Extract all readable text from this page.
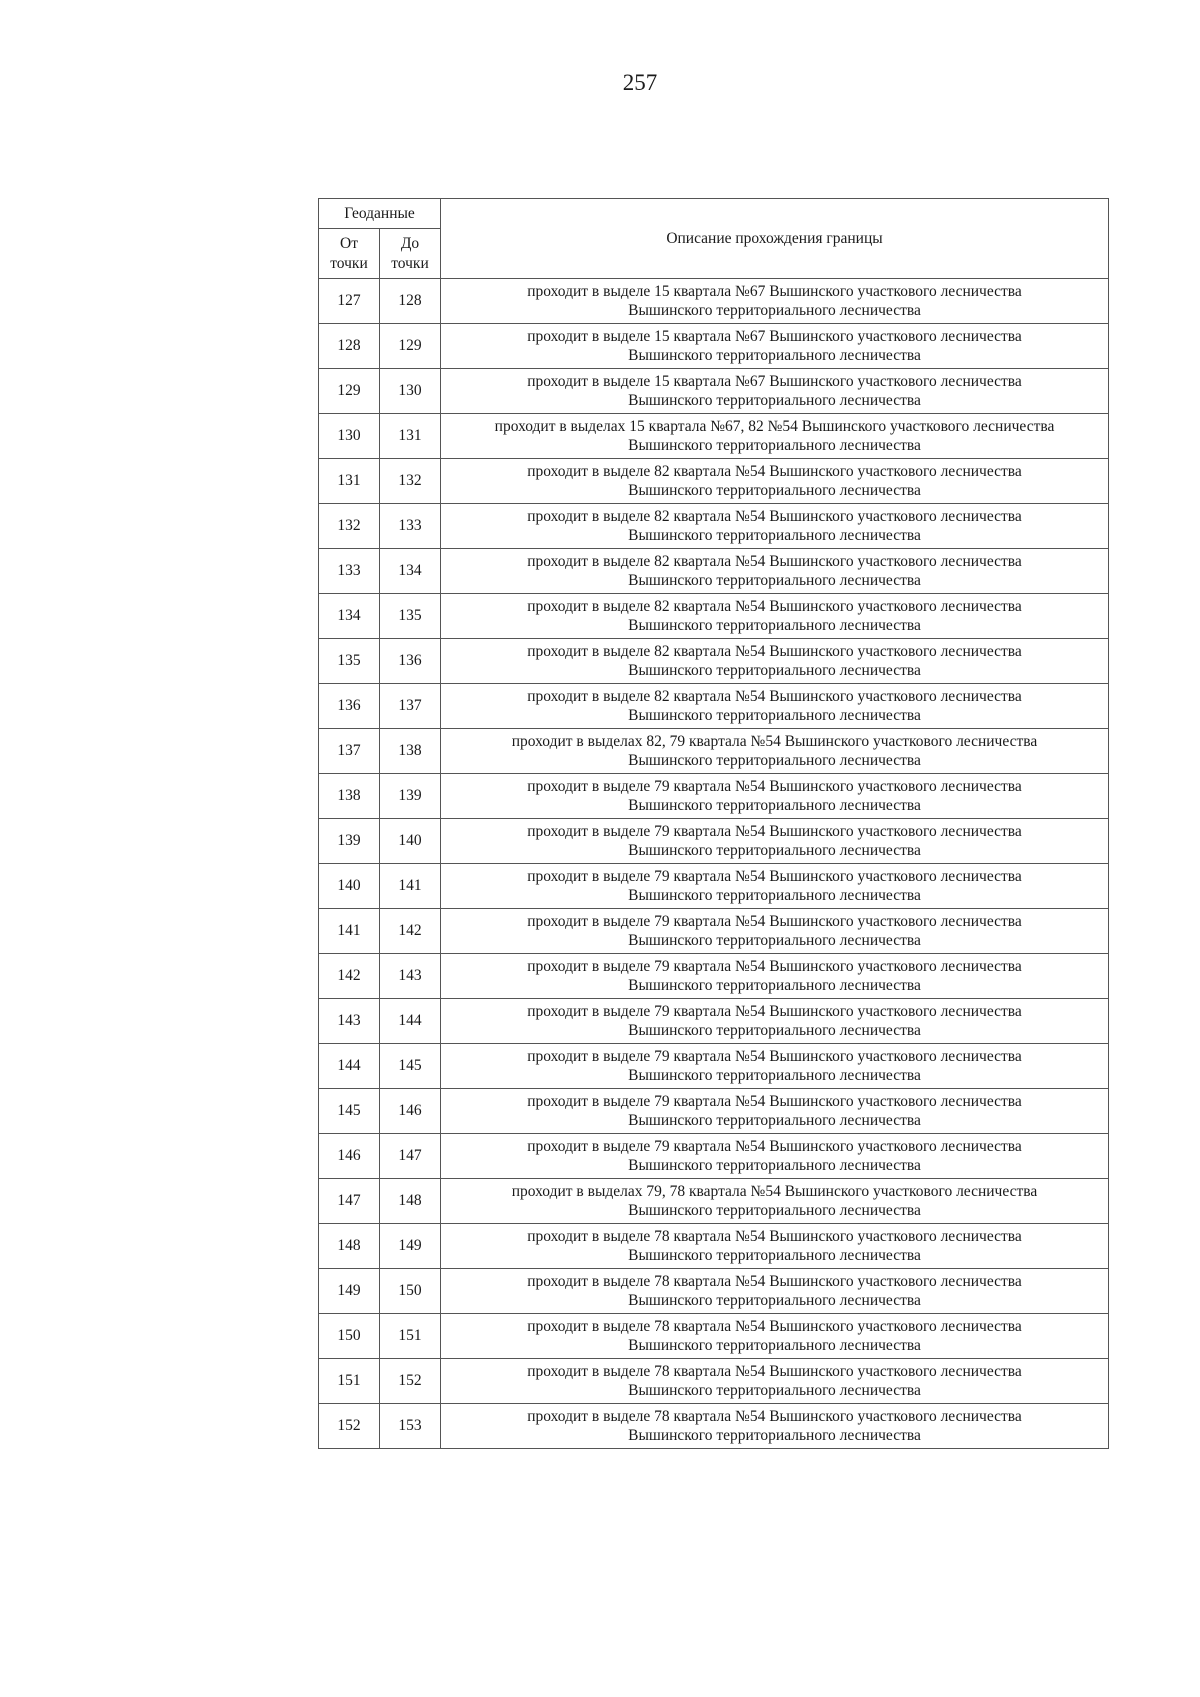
257
Геоданные		Описание прохождения границы

От
точки	До
точки	

127	128	проходит в выделе 15 квартала №67 Вышинского участкового лесничества
Вышинского территориального лесничества

128	129	проходит в выделе 15 квартала №67 Вышинского участкового лесничества
Вышинского территориального лесничества

129	130	проходит в выделе 15 квартала №67 Вышинского участкового лесничества
Вышинского территориального лесничества

130	131	проходит в выделах 15 квартала №67, 82 №54 Вышинского участкового лесничества
Вышинского территориального лесничества

131	132	проходит в выделе 82 квартала №54 Вышинского участкового лесничества
Вышинского территориального лесничества

132	133	проходит в выделе 82 квартала №54 Вышинского участкового лесничества
Вышинского территориального лесничества

133	134	проходит в выделе 82 квартала №54 Вышинского участкового лесничества
Вышинского территориального лесничества

134	135	проходит в выделе 82 квартала №54 Вышинского участкового лесничества
Вышинского территориального лесничества

135	136	проходит в выделе 82 квартала №54 Вышинского участкового лесничества
Вышинского территориального лесничества

136	137	проходит в выделе 82 квартала №54 Вышинского участкового лесничества
Вышинского территориального лесничества

137	138	проходит в выделах 82, 79 квартала №54 Вышинского участкового лесничества
Вышинского территориального лесничества

138	139	проходит в выделе 79 квартала №54 Вышинского участкового лесничества
Вышинского территориального лесничества

139	140	проходит в выделе 79 квартала №54 Вышинского участкового лесничества
Вышинского территориального лесничества

140	141	проходит в выделе 79 квартала №54 Вышинского участкового лесничества
Вышинского территориального лесничества

141	142	проходит в выделе 79 квартала №54 Вышинского участкового лесничества
Вышинского территориального лесничества

142	143	проходит в выделе 79 квартала №54 Вышинского участкового лесничества
Вышинского территориального лесничества

143	144	проходит в выделе 79 квартала №54 Вышинского участкового лесничества
Вышинского территориального лесничества

144	145	проходит в выделе 79 квартала №54 Вышинского участкового лесничества
Вышинского территориального лесничества

145	146	проходит в выделе 79 квартала №54 Вышинского участкового лесничества
Вышинского территориального лесничества

146	147	проходит в выделе 79 квартала №54 Вышинского участкового лесничества
Вышинского территориального лесничества

147	148	проходит в выделах 79, 78 квартала №54 Вышинского участкового лесничества
Вышинского территориального лесничества

148	149	проходит в выделе 78 квартала №54 Вышинского участкового лесничества
Вышинского территориального лесничества

149	150	проходит в выделе 78 квартала №54 Вышинского участкового лесничества
Вышинского территориального лесничества

150	151	проходит в выделе 78 квартала №54 Вышинского участкового лесничества
Вышинского территориального лесничества

151	152	проходит в выделе 78 квартала №54 Вышинского участкового лесничества
Вышинского территориального лесничества

152	153	проходит в выделе 78 квартала №54 Вышинского участкового лесничества
Вышинского территориального лесничества
